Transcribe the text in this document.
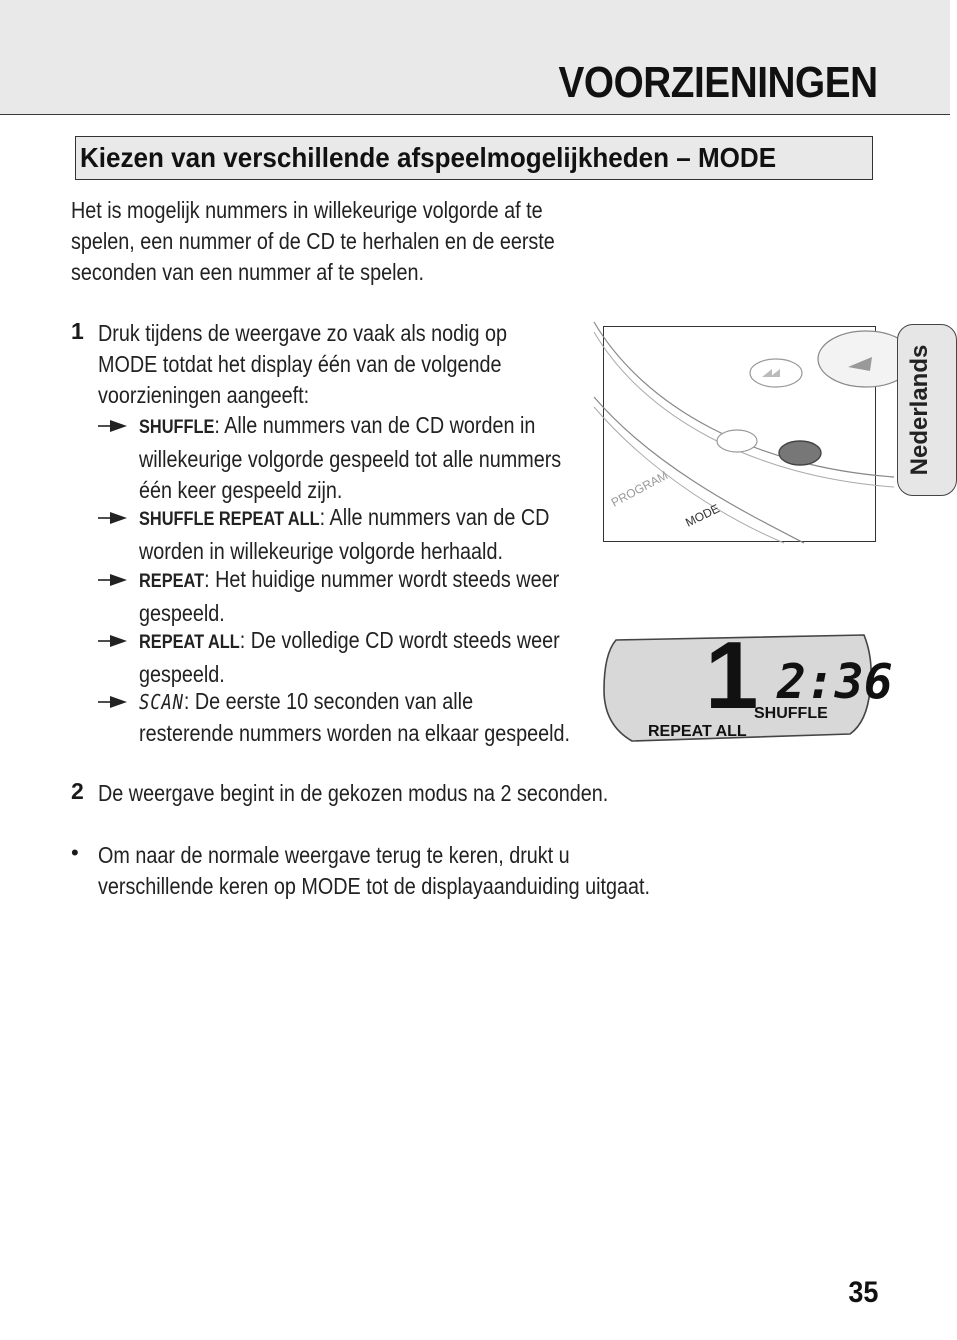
VOORZIENINGEN
Kiezen van verschillende afspeelmogelijkheden – MODE
Het is mogelijk nummers in willekeurige volgorde af te
spelen, een nummer of de CD te herhalen en de eerste
seconden van een nummer af te spelen.
1 Druk tijdens de weergave zo vaak als nodig op
MODE totdat het display één van de volgende
voorzieningen aangeeft:
SHUFFLE: Alle nummers van de CD worden in
willekeurige volgorde gespeeld tot alle nummers
één keer gespeeld zijn.
SHUFFLE REPEAT ALL: Alle nummers van de CD
worden in willekeurige volgorde herhaald.
REPEAT: Het huidige nummer wordt steeds weer
gespeeld.
REPEAT ALL: De volledige CD wordt steeds weer
gespeeld.
SCAN: De eerste 10 seconden van alle
resterende nummers worden na elkaar gespeeld.
2 De weergave begint in de gekozen modus na 2 seconden.
• Om naar de normale weergave terug te keren, drukt u
verschillende keren op MODE tot de displayaanduiding uitgaat.
PROGRAM
MODE
1 2:36
SHUFFLE
REPEAT ALL
Nederlands
35
